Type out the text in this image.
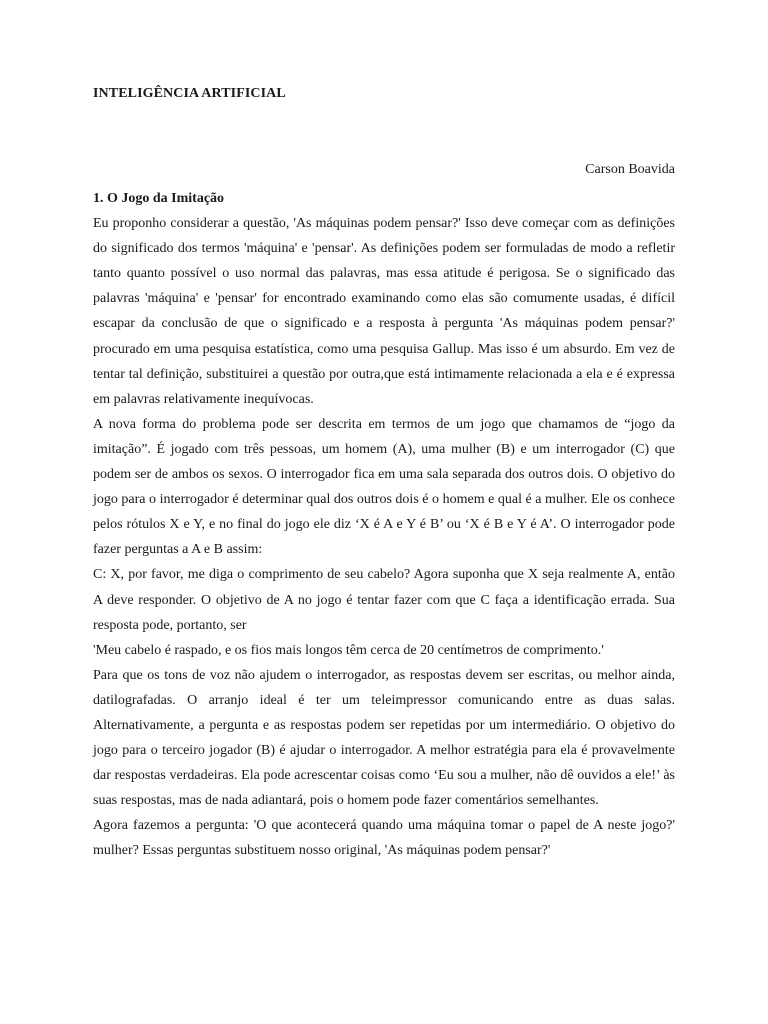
INTELIGÊNCIA ARTIFICIAL

Carson Boavida

1. O Jogo da Imitação

Eu proponho considerar a questão, 'As máquinas podem pensar?' Isso deve começar com as definições do significado dos termos 'máquina' e 'pensar'. As definições podem ser formuladas de modo a refletir tanto quanto possível o uso normal das palavras, mas essa atitude é perigosa. Se o significado das palavras 'máquina' e 'pensar' for encontrado examinando como elas são comumente usadas, é difícil escapar da conclusão de que o significado e a resposta à pergunta 'As máquinas podem pensar?' procurado em uma pesquisa estatística, como uma pesquisa Gallup. Mas isso é um absurdo. Em vez de tentar tal definição, substituirei a questão por outra,que está intimamente relacionada a ela e é expressa em palavras relativamente inequívocas.

A nova forma do problema pode ser descrita em termos de um jogo que chamamos de “jogo da imitação”. É jogado com três pessoas, um homem (A), uma mulher (B) e um interrogador (C) que podem ser de ambos os sexos. O interrogador fica em uma sala separada dos outros dois. O objetivo do jogo para o interrogador é determinar qual dos outros dois é o homem e qual é a mulher. Ele os conhece pelos rótulos X e Y, e no final do jogo ele diz ‘X é A e Y é B’ ou ‘X é B e Y é A’. O interrogador pode fazer perguntas a A e B assim:

C: X, por favor, me diga o comprimento de seu cabelo? Agora suponha que X seja realmente A, então A deve responder. O objetivo de A no jogo é tentar fazer com que C faça a identificação errada. Sua resposta pode, portanto, ser

'Meu cabelo é raspado, e os fios mais longos têm cerca de 20 centímetros de comprimento.'

Para que os tons de voz não ajudem o interrogador, as respostas devem ser escritas, ou melhor ainda, datilografadas. O arranjo ideal é ter um teleimpressor comunicando entre as duas salas. Alternativamente, a pergunta e as respostas podem ser repetidas por um intermediário. O objetivo do jogo para o terceiro jogador (B) é ajudar o interrogador. A melhor estratégia para ela é provavelmente dar respostas verdadeiras. Ela pode acrescentar coisas como ‘Eu sou a mulher, não dê ouvidos a ele!’ às suas respostas, mas de nada adiantará, pois o homem pode fazer comentários semelhantes.

Agora fazemos a pergunta: 'O que acontecerá quando uma máquina tomar o papel de A neste jogo?' mulher? Essas perguntas substituem nosso original, 'As máquinas podem pensar?'
